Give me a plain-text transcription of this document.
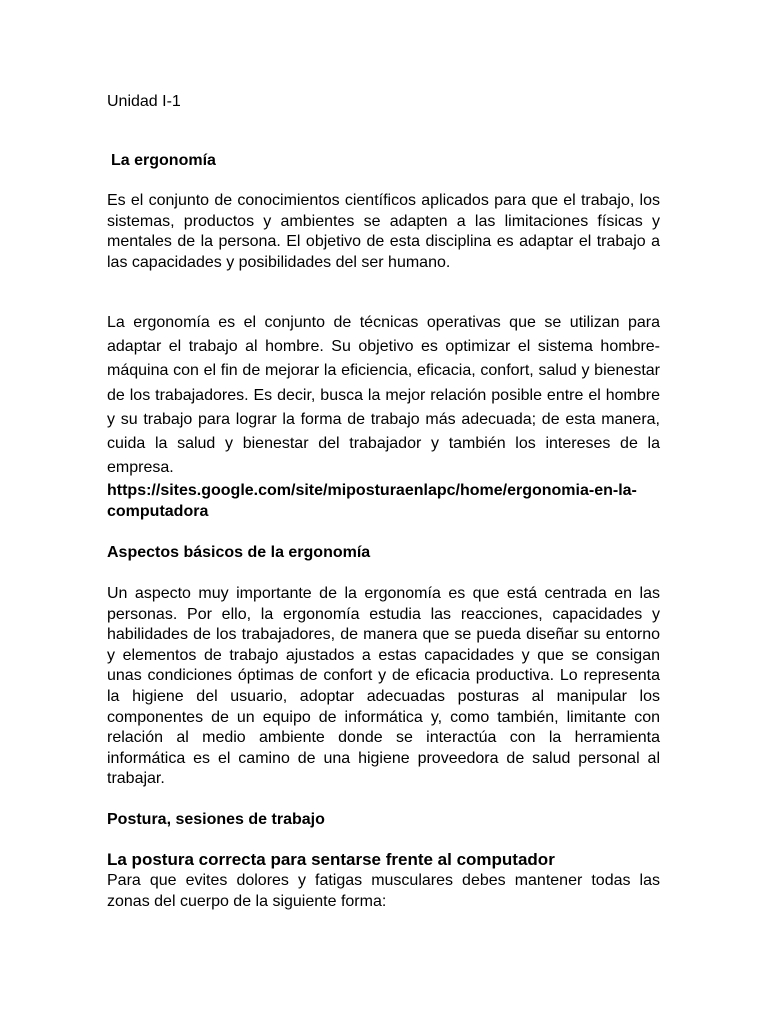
Unidad I-1

La ergonomía

Es el conjunto de conocimientos científicos aplicados para que el trabajo, los sistemas, productos y ambientes se adapten a las limitaciones físicas y mentales de la persona. El objetivo de esta disciplina es adaptar el trabajo a las capacidades y posibilidades del ser humano.

La ergonomía es el conjunto de técnicas operativas que se utilizan para adaptar el trabajo al hombre. Su objetivo es optimizar el sistema hombre-máquina con el fin de mejorar la eficiencia, eficacia, confort, salud y bienestar de los trabajadores. Es decir, busca la mejor relación posible entre el hombre y su trabajo para lograr la forma de trabajo más adecuada; de esta manera, cuida la salud y bienestar del trabajador y también los intereses de la empresa.

https://sites.google.com/site/miposturaenlapc/home/ergonomia-en-la-computadora

Aspectos básicos de la ergonomía

Un aspecto muy importante de la ergonomía es que está centrada en las personas. Por ello, la ergonomía estudia las reacciones, capacidades y habilidades de los trabajadores, de manera que se pueda diseñar su entorno y elementos de trabajo ajustados a estas capacidades y que se consigan unas condiciones óptimas de confort y de eficacia productiva. Lo representa la higiene del usuario, adoptar adecuadas posturas al manipular los componentes de un equipo de informática y, como también, limitante con relación al medio ambiente donde se interactúa con la herramienta informática es el camino de una higiene proveedora de salud personal al trabajar.

Postura, sesiones de trabajo

La postura correcta para sentarse frente al computador

Para que evites dolores y fatigas musculares debes mantener todas las zonas del cuerpo de la siguiente forma:
